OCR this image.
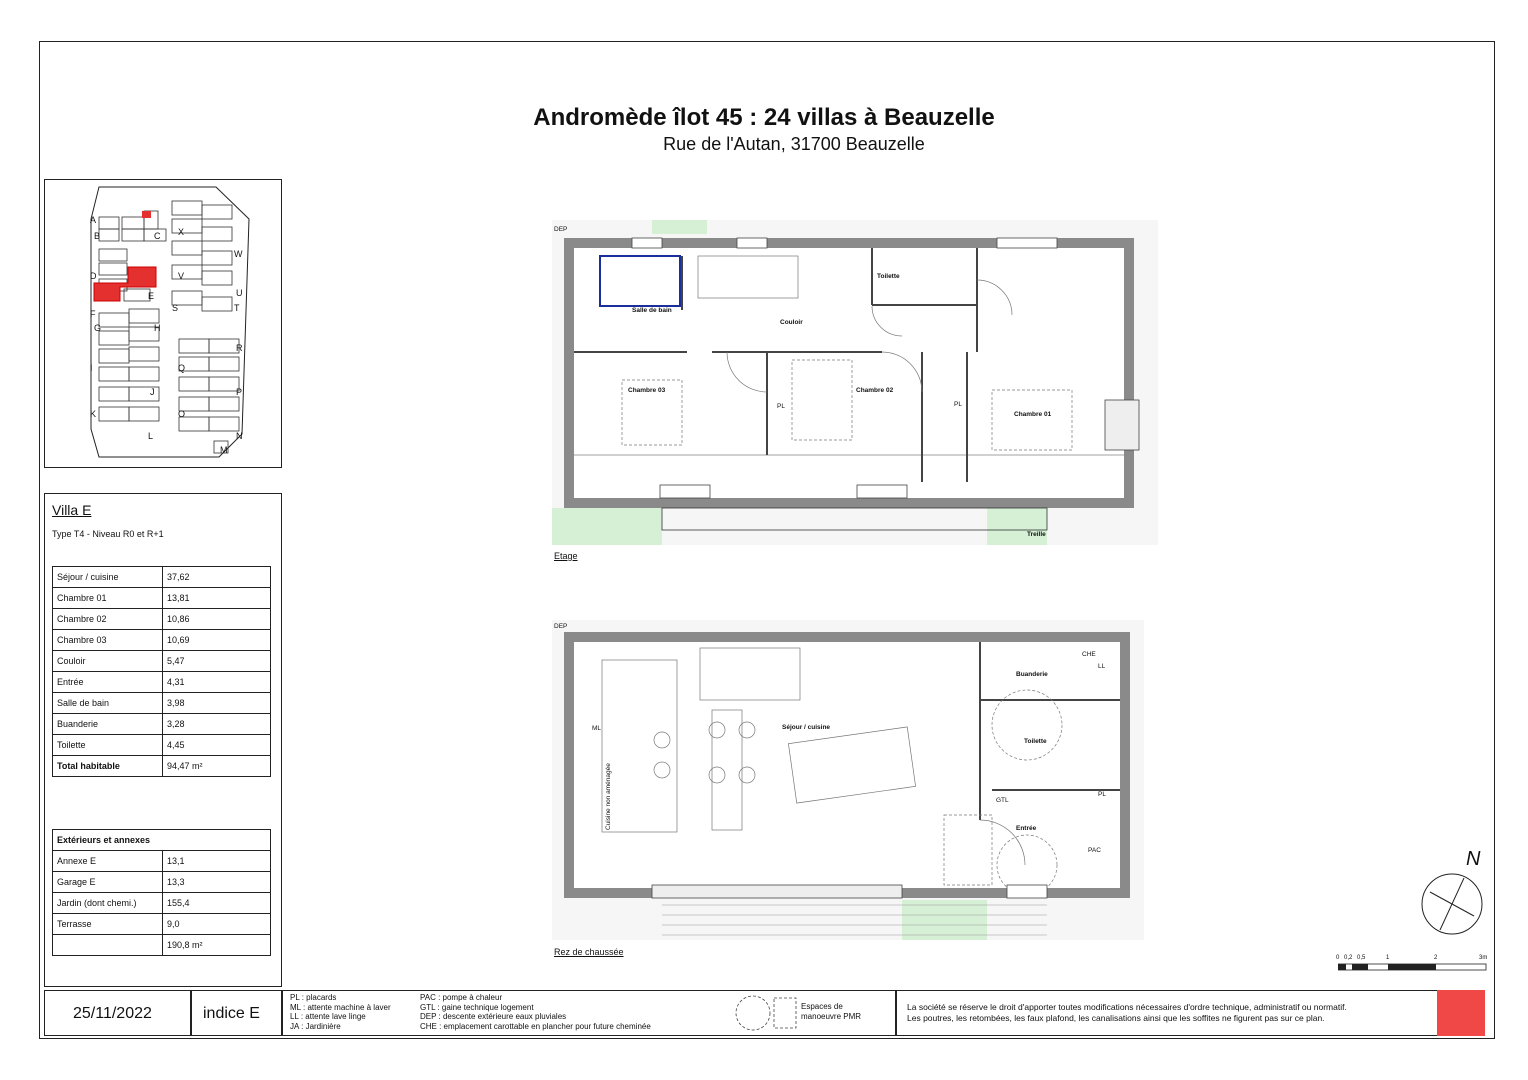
Andromède îlot 45 : 24 villas à Beauzelle
Rue de l'Autan, 31700 Beauzelle
A
B	C
D
E
F
G	H
I
J
K
L
M
N
O
P
Q
R
S	T
U
V
W
X
Villa E
Type T4 - Niveau R0 et R+1
Séjour / cuisine	37,62
Chambre 01	13,81
Chambre 02	10,86
Chambre 03	10,69
Couloir	5,47
Entrée	4,31
Salle de bain	3,98
Buanderie	3,28
Toilette	4,45
Total habitable	94,47 m²
Extérieurs et annexes	
Annexe E	13,1
Garage E	13,3
Jardin (dont chemi.)	155,4
Terrasse	9,0
	190,8 m²
Salle de bain
Couloir
Toilette
Chambre 03	Chambre 02
Chambre 01
PL	PL
Treille
DEP
Etage
Séjour / cuisine
Buanderie
Toilette
Entrée
PAC
PL
ML
LL
GTL
CHE
DEP
Cuisine non aménagée
Rez de chaussée
N
0 0,2 0,5	1	2	3m
25/11/2022	indice E
PL : placards
ML : attente machine à laver
LL : attente lave linge
JA : Jardinière
PAC : pompe à chaleur
GTL : gaine technique logement
DEP : descente extérieure eaux pluviales
CHE : emplacement carottable en plancher pour future cheminée
Espaces de manoeuvre PMR
La société se réserve le droit d'apporter toutes modifications nécessaires d'ordre technique, administratif ou normatif.
Les poutres, les retombées, les faux plafond, les canalisations ainsi que les soffites ne figurent pas sur ce plan.
